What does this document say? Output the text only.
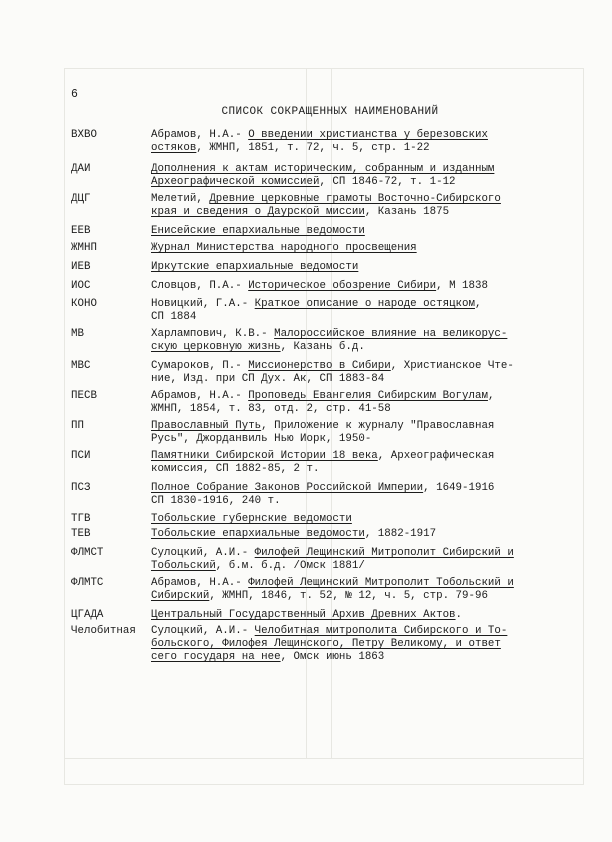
6
СПИСОК СОКРАЩЕННЫХ НАИМЕНОВАНИЙ
ВХВО	Абрамов, Н.А.- О введении христианства у березовских
остяков, ЖМНП, 1851, т. 72, ч. 5, стр. 1-22
ДАИ	Дополнения к актам историческим, собранным и изданным
Археографической комиссией, СП 1846-72, т. 1-12
ДЦГ	Мелетий, Древние церковные грамоты Восточно-Сибирского
края и сведения о Даурской миссии, Казань 1875
ЕЕВ	Енисейские епархиальные ведомости
ЖМНП	Журнал Министерства народного просвещения
ИЕВ	Иркутские епархиальные ведомости
ИОС	Словцов, П.А.- Историческое обозрение Сибири, М 1838
КОНО	Новицкий, Г.А.- Краткое описание о народе остяцком,
СП 1884
МВ	Харлампович, К.В.- Малороссийское влияние на великорус-
скую церковную жизнь, Казань б.д.
МВС	Сумароков, П.- Миссионерство в Сибири, Христианское Чте-
ние, Изд. при СП Дух. Ак, СП 1883-84
ПЕСВ	Абрамов, Н.А.- Проповедь Евангелия Сибирским Вогулам,
ЖМНП, 1854, т. 83, отд. 2, стр. 41-58
ПП	Православный Путь, Приложение к журналу "Православная
Русь", Джорданвиль Нью Иорк, 1950-
ПСИ	Памятники Сибирской Истории 18 века, Археографическая
комиссия, СП 1882-85, 2 т.
ПСЗ	Полное Собрание Законов Российской Империи, 1649-1916
СП 1830-1916, 240 т.
ТГВ	Тобольские губернские ведомости
ТЕВ	Тобольские епархиальные ведомости, 1882-1917
ФЛМСТ	Сулоцкий, А.И.- Филофей Лещинский Митрополит Сибирский и
Тобольский, б.м. б.д. /Омск 1881/
ФЛМТС	Абрамов, Н.А.- Филофей Лещинский Митрополит Тобольский и
Сибирский, ЖМНП, 1846, т. 52, № 12, ч. 5, стр. 79-96
ЦГАДА	Центральный Государственный Архив Древних Актов.
Челобитная Сулоцкий, А.И.- Челобитная митрополита Сибирского и То-
больского, Филофея Лещинского, Петру Великому, и ответ
сего государя на нее, Омск июнь 1863
